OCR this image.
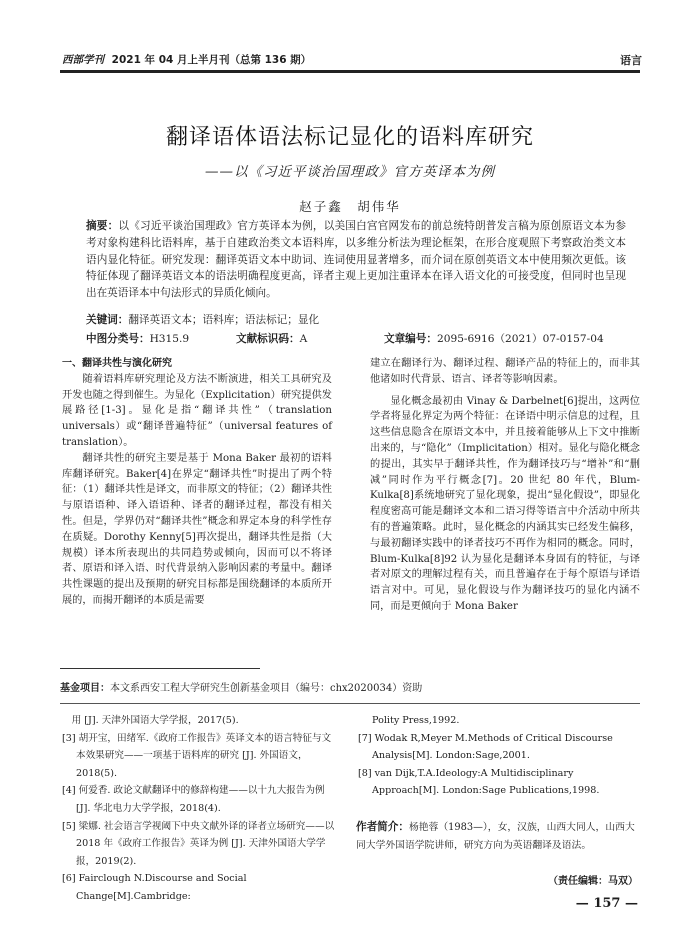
西部学刊 2021 年 04 月上半月刊（总第 136 期）	语言
翻译语体语法标记显化的语料库研究
——以《习近平谈治国理政》官方英译本为例
赵子鑫　胡伟华
摘要：以《习近平谈治国理政》官方英译本为例，以美国白宫官网发布的前总统特朗普发言稿为原创原语文本为参考对象构建科比语料库，基于自建政治类文本语料库，以多维分析法为理论框架，在形合度观照下考察政治类文本语内显化特征。研究发现：翻译英语文本中助词、连词使用显著增多，而介词在原创英语文本中使用频次更低。该特征体现了翻译英语文本的语法明确程度更高，译者主观上更加注重译本在译入语文化的可接受度，但同时也呈现出在英语译本中句法形式的异质化倾向。
关键词：翻译英语文本；语料库；语法标记；显化
中图分类号：H315.9	文献标识码：A	文章编号：2095-6916（2021）07-0157-04

一、翻译共性与演化研究

随着语料库研究理论及方法不断演进，相关工具研究及开发也随之得到催生。为显化（Explicitation）研究提供发展路径[1-3]。显化是指“翻译共性”（translation universals）或“翻译普遍特征”（universal features of translation）。

翻译共性的研究主要是基于 Mona Baker 最初的语料库翻译研究。Baker[4]在界定“翻译共性”时提出了两个特征：（1）翻译共性是译文，而非原文的特征；（2）翻译共性与原语语种、译入语语种、译者的翻译过程，都没有相关性。但是，学界仍对“翻译共性”概念和界定本身的科学性存在质疑。Dorothy Kenny[5]再次提出，翻译共性是指（大规模）译本所表现出的共同趋势或倾向，因而可以不将译者、原语和译入语、时代背景纳入影响因素的考量中。翻译共性课题的提出及预期的研究目标都是围绕翻译的本质所开展的，而揭开翻译的本质是需要

建立在翻译行为、翻译过程、翻译产品的特征上的，而非其他诸如时代背景、语言、译者等影响因素。

显化概念最初由 Vinay & Darbelnet[6]提出，这两位学者将显化界定为两个特征：在译语中明示信息的过程，且这些信息隐含在原语文本中，并且接着能够从上下文中推断出来的，与“隐化”（Implicitation）相对。显化与隐化概念的提出，其实早于翻译共性，作为翻译技巧与“增补”和“删减”同时作为平行概念[7]。20 世纪 80 年代，Blum-Kulka[8]系统地研究了显化现象，提出“显化假设”，即显化程度密高可能是翻译文本和二语习得等语言中介活动中所共有的普遍策略。此时，显化概念的内涵其实已经发生偏移，与最初翻译实践中的译者技巧不再作为相同的概念。同时，Blum-Kulka[8]92 认为显化是翻译本身固有的特征，与译者对原文的理解过程有关，而且普遍存在于每个原语与译语语言对中。可见，显化假设与作为翻译技巧的显化内涵不同，而是更倾向于 Mona Baker

基金项目：本文系西安工程大学研究生创新基金项目（编号：chx2020034）资助
用 [J]. 天津外国语大学学报，2017(5).
[3] 胡开宝，田绪军.《政府工作报告》英译文本的语言特征与文本效果研究——一项基于语料库的研究 [J]. 外国语文，2018(5).
[4] 何爱香. 政论文献翻译中的修辞构建——以十九大报告为例 [J]. 华北电力大学学报，2018(4).
[5] 梁娜. 社会语言学视阈下中央文献外译的译者立场研究——以 2018 年《政府工作报告》英译为例 [J]. 天津外国语大学学报，2019(2).
[6] Fairclough N.Discourse and Social Change[M].Cambridge:
Polity Press,1992.
[7] Wodak R,Meyer M.Methods of Critical Discourse Analysis[M]. London:Sage,2001.
[8] van Dijk,T.A.Ideology:A Multidisciplinary Approach[M]. London:Sage Publications,1998.
作者简介：杨艳蓉（1983—），女，汉族，山西大同人，山西大同大学外国语学院讲师，研究方向为英语翻译及语法。
（责任编辑：马双）
— 157 —
